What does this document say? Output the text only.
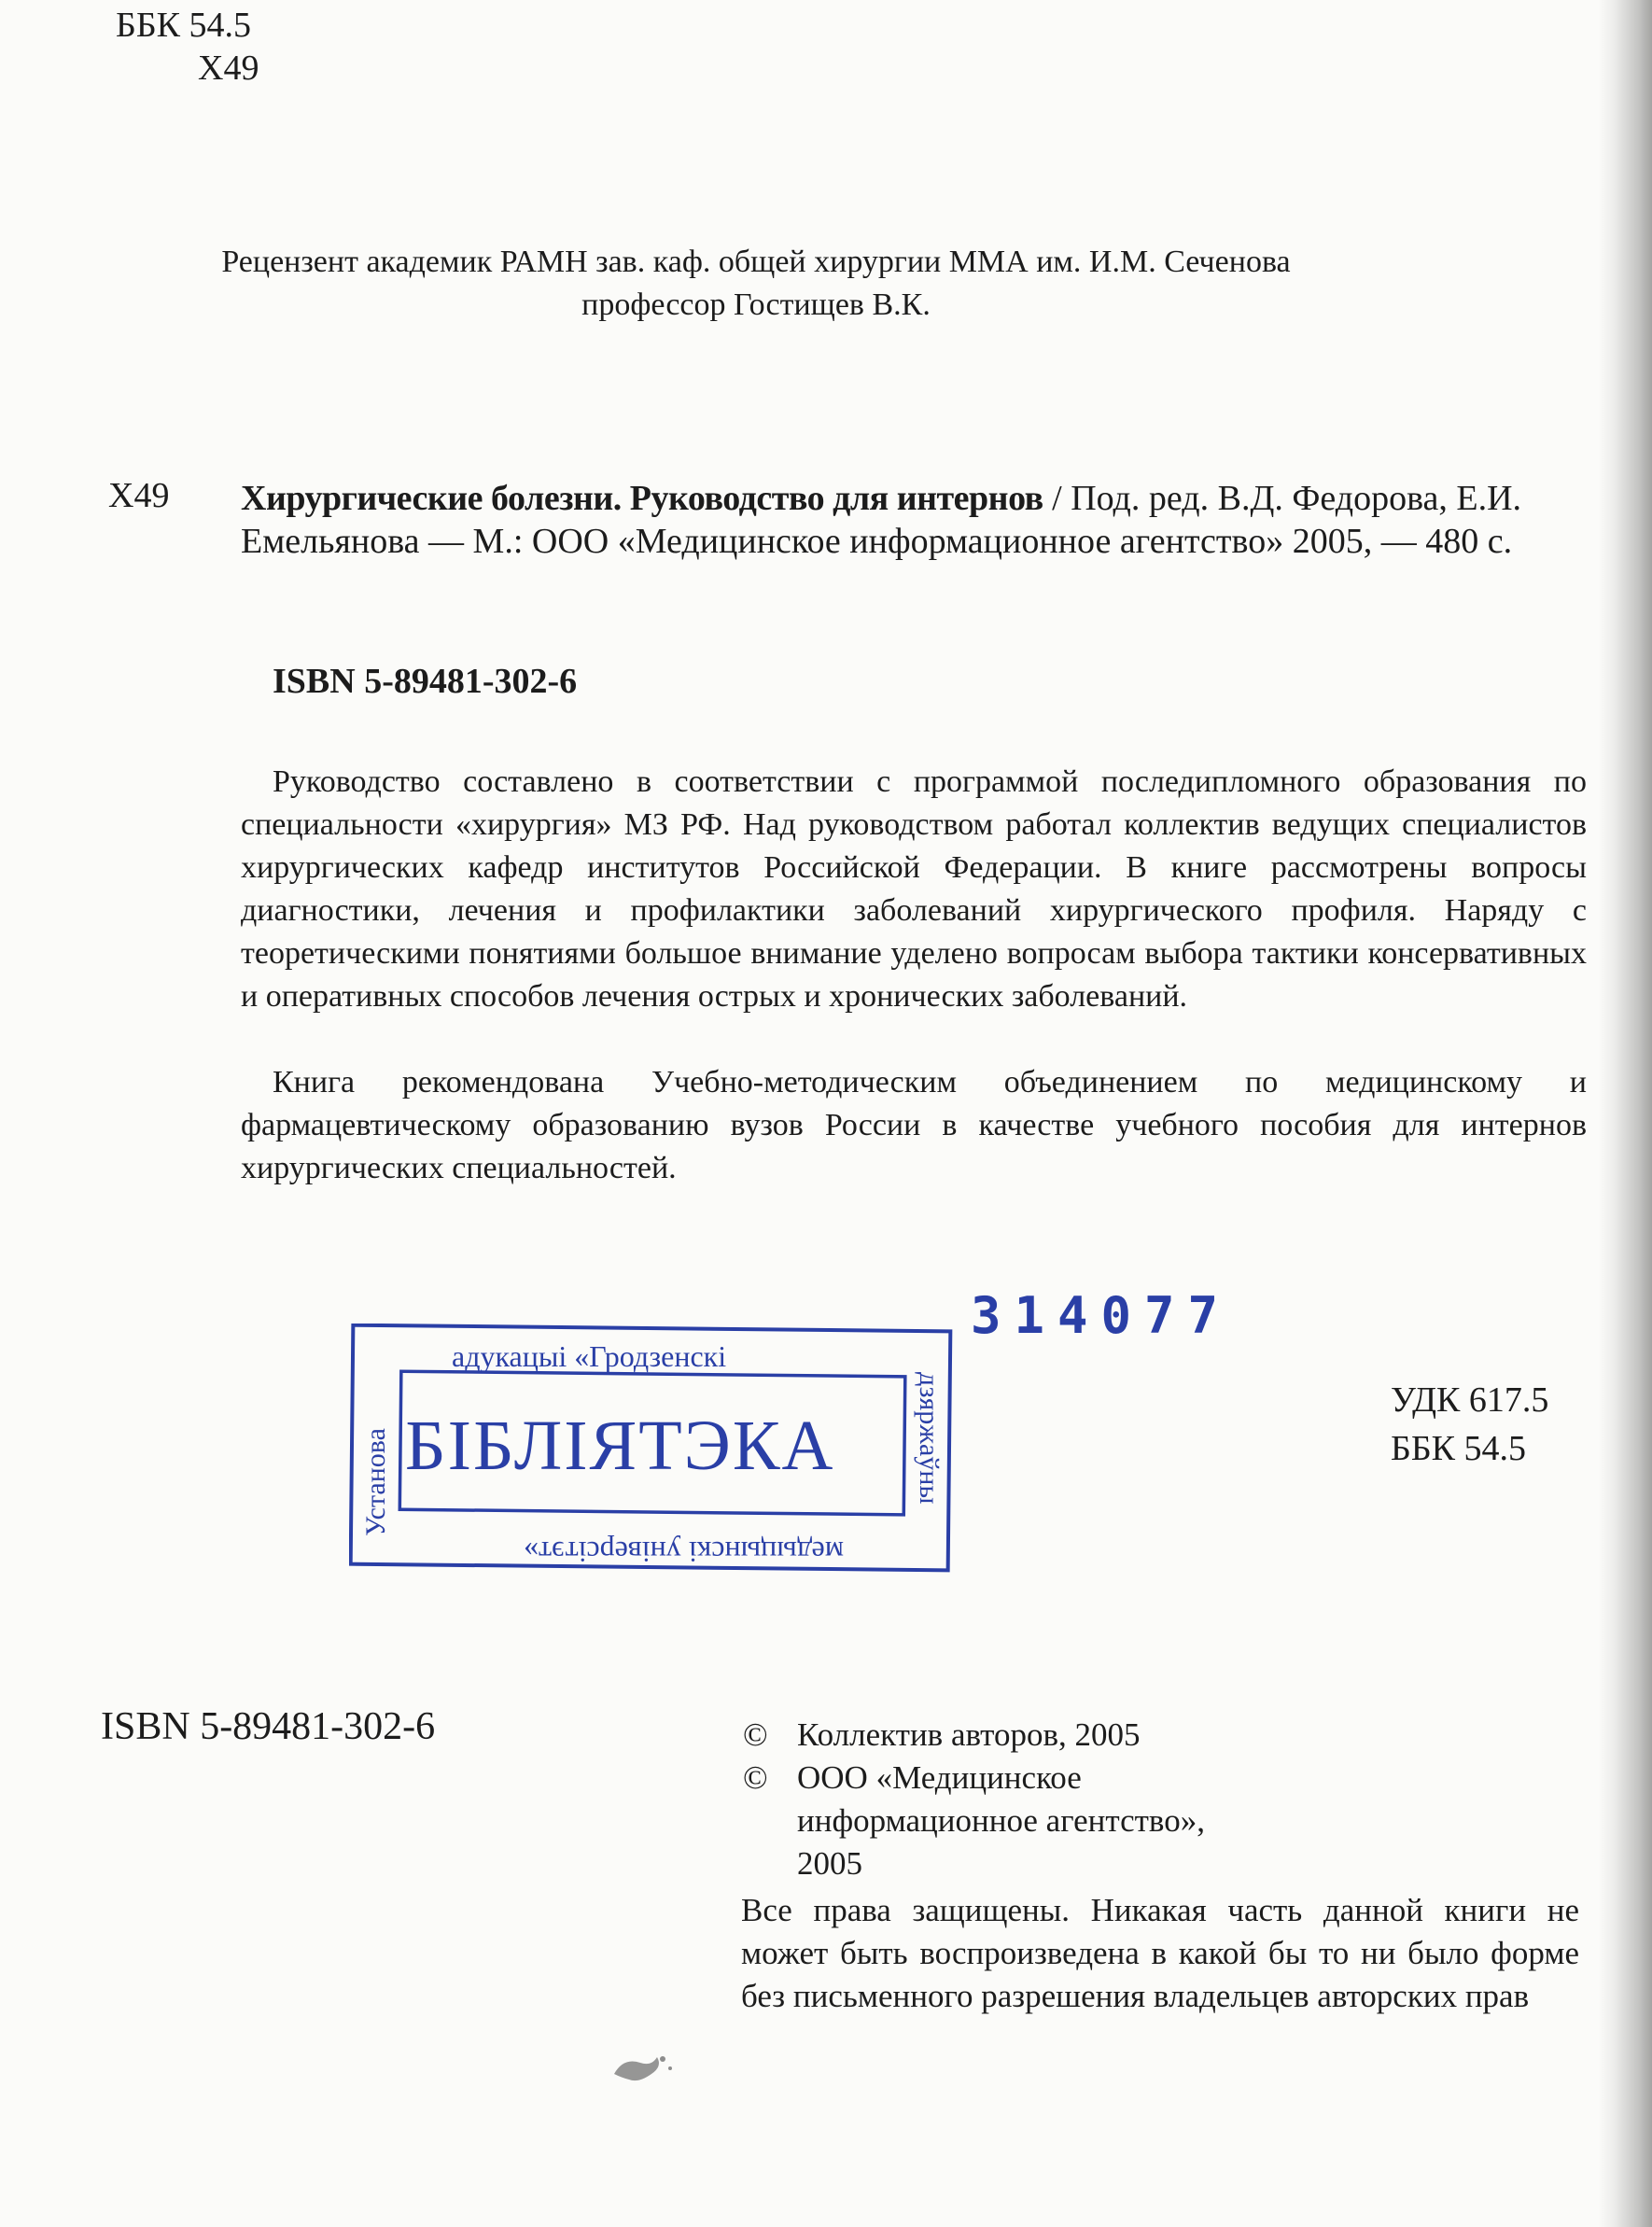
ББК 54.5
Х49
Рецензент академик РАМН зав. каф. общей хирургии ММА им. И.М. Сеченова
профессор Гостищев В.К.
Х49 Хирургические болезни. Руководство для интернов / Под. ред. В.Д. Федорова, Е.И. Емельянова — М.: ООО «Медицинское информационное агентство» 2005, — 480 с.
ISBN 5-89481-302-6
Руководство составлено в соответствии с программой последипломного образования по специальности «хирургия» МЗ РФ. Над руководством работал коллектив ведущих специалистов хирургических кафедр институтов Российской Федерации. В книге рассмотрены вопросы диагностики, лечения и профилактики заболеваний хирургического профиля. Наряду с теоретическими понятиями большое внимание уделено вопросам выбора тактики консервативных и оперативных способов лечения острых и хронических заболеваний.
Книга рекомендована Учебно-методическим объединением по медицинскому и фармацевтическому образованию вузов России в качестве учебного пособия для интернов хирургических специальностей.
314077
адукацыі «Гродзенскі
БІБЛІЯТЭКА
медыцынскі універсітэт»
Установа	дзяржаўны	УДК 617.5
ББК 54.5
ISBN 5-89481-302-6	© Коллектив авторов, 2005
© ООО «Медицинское информационное агентство», 2005
Все права защищены. Никакая часть данной книги не может быть воспроизведена в какой бы то ни было форме без письменного разрешения владельцев авторских прав
